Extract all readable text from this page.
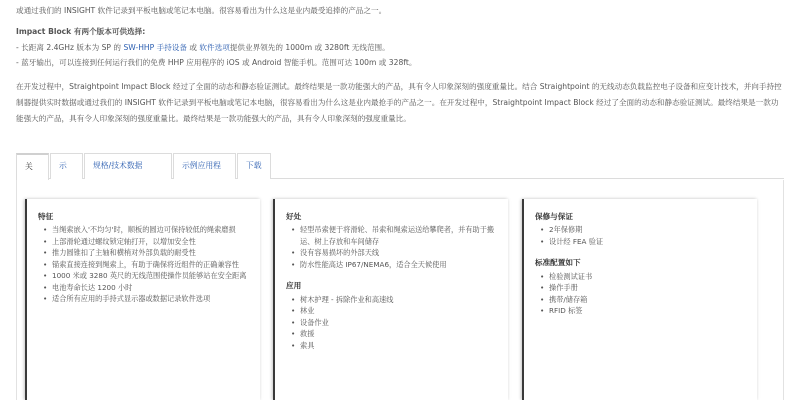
或通过我们的 INSIGHT 软件记录到平板电脑或笔记本电脑。很容易看出为什么这是业内最受追捧的产品之一。
Impact Block 有两个版本可供选择:
- 长距离 2.4GHz 版本为 SP 的 SW-HHP 手持设备 或 软件选项提供业界领先的 1000m 或 3280ft 无线范围。
- 蓝牙输出，可以连接到任何运行我们的免费 HHP 应用程序的 iOS 或 Android 智能手机。范围可达 100m 或 328ft。
在开发过程中，Straightpoint Impact Block 经过了全面的动态和静态验证测试。最终结果是一款功能强大的产品，具有令人印象深刻的强度重量比。结合 Straightpoint 的无线动态负载监控电子设备和应变计技术，并向手持控制器提供实时数据或通过我们的 INSIGHT 软件记录到平板电脑或笔记本电脑，很容易看出为什么这是业内最抢手的产品之一。在开发过程中，Straightpoint Impact Block 经过了全面的动态和静态验证测试。最终结果是一款功能强大的产品，具有令人印象深刻的强度重量比。最终结果是一款功能强大的产品，具有令人印象深刻的强度重量比。
关	示	规格/技术数据	示例应用程	下载
特征
• 当绳索嵌入'不均匀'时，顺板的圆边可保持较低的绳索磨损
• 上部滑轮通过螺纹锁定轴打开，以增加安全性
• 推力圆锥扣了主轴和横梢对外部负载的耐受性
• 锚索直接连接到绳索上，有助于确保将近组件的正确兼容性
• 1000 米或 3280 英尺的无线范围使操作员能够站在安全距离
• 电池寿命长达 1200 小时
• 适合所有应用的手持式显示器或数据记录软件选项
好处
• 轻型吊索便于将滑轮、吊索和绳索运送给攀爬者，并有助于搬运、树上存放和车间储存
• 没有容易损坏的外部天线
• 防水性能高达 IP67/NEMA6，适合全天候使用
应用
• 树木护理 - 拆除作业和高速线
• 林业
• 设备作业
• 救援
• 索具
保修与保证
• 2年保修期
• 设计经 FEA 验证
标准配置如下
• 检验测试证书
• 操作手册
• 携带/储存箱
• RFID 标签
